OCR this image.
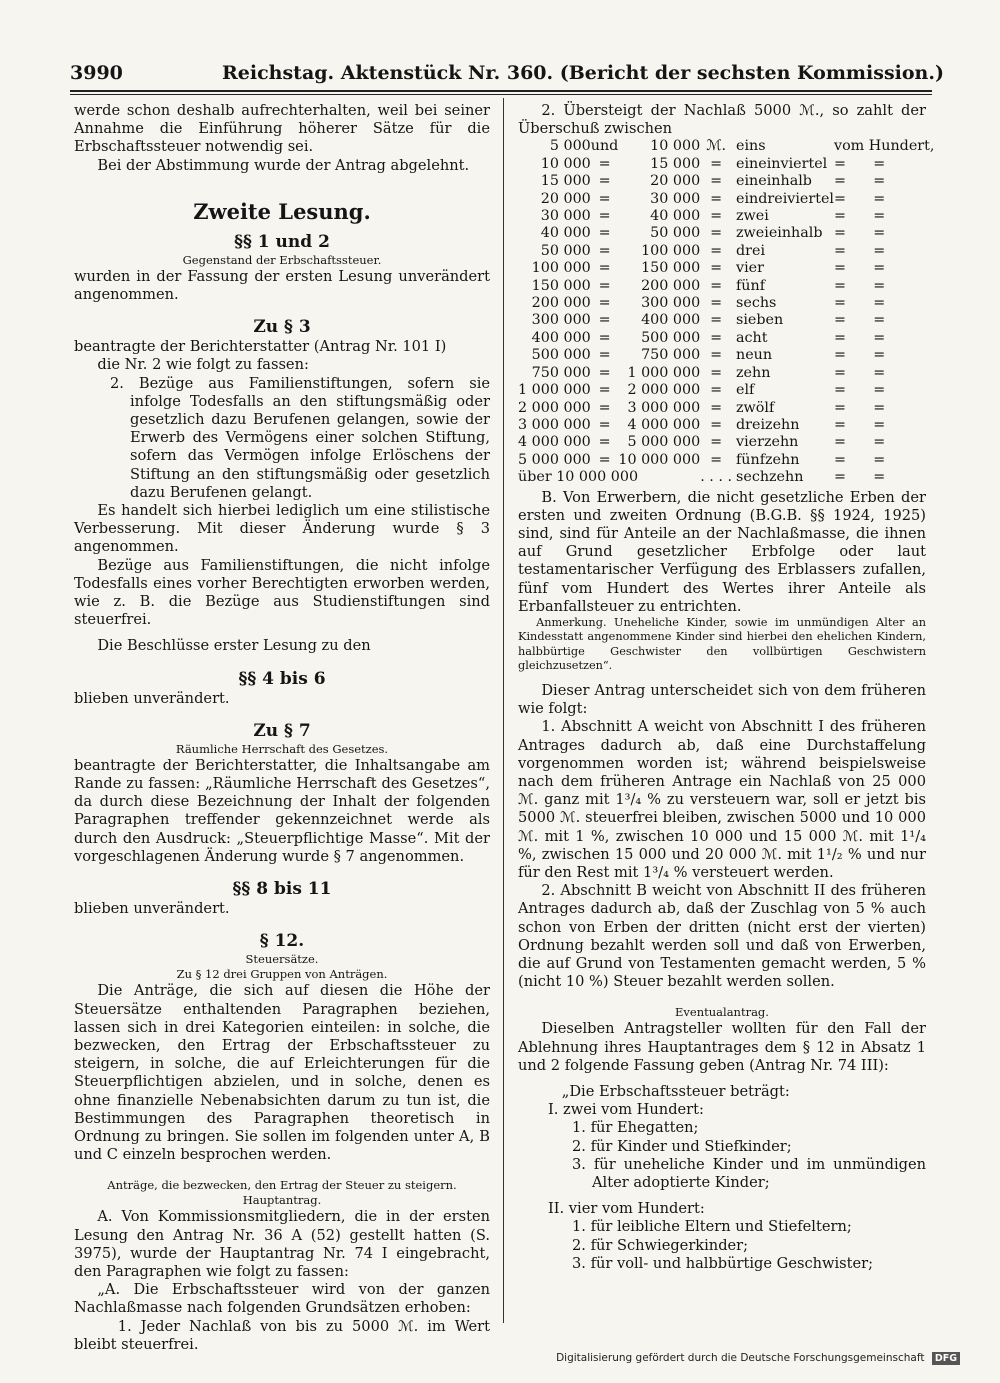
3990	Reichstag. Aktenstück Nr. 360. (Bericht der sechsten Kommission.)

werde schon deshalb aufrechterhalten, weil bei seiner Annahme die Einführung höherer Sätze für die Erbschaftssteuer notwendig sei.

Bei der Abstimmung wurde der Antrag abgelehnt.

Zweite Lesung.

§§ 1 und 2

Gegenstand der Erbschaftssteuer.

wurden in der Fassung der ersten Lesung unverändert angenommen.

Zu § 3

beantragte der Berichterstatter (Antrag Nr. 101 I)

die Nr. 2 wie folgt zu fassen:

2. Bezüge aus Familienstiftungen, sofern sie infolge Todesfalls an den stiftungsmäßig oder gesetzlich dazu Berufenen gelangen, sowie der Erwerb des Vermögens einer solchen Stiftung, sofern das Vermögen infolge Erlöschens der Stiftung an den stiftungsmäßig oder gesetzlich dazu Berufenen gelangt.

Es handelt sich hierbei lediglich um eine stilistische Verbesserung. Mit dieser Änderung wurde § 3 angenommen.

Bezüge aus Familienstiftungen, die nicht infolge Todesfalls eines vorher Berechtigten erworben werden, wie z. B. die Bezüge aus Studienstiftungen sind steuerfrei.

Die Beschlüsse erster Lesung zu den

§§ 4 bis 6

blieben unverändert.

Zu § 7

Räumliche Herrschaft des Gesetzes.

beantragte der Berichterstatter, die Inhaltsangabe am Rande zu fassen: „Räumliche Herrschaft des Gesetzes“, da durch diese Bezeichnung der Inhalt der folgenden Paragraphen treffender gekennzeichnet werde als durch den Ausdruck: „Steuerpflichtige Masse“. Mit der vorgeschlagenen Änderung wurde § 7 angenommen.

§§ 8 bis 11

blieben unverändert.

§ 12.

Steuersätze.

Zu § 12 drei Gruppen von Anträgen.

Die Anträge, die sich auf diesen die Höhe der Steuersätze enthaltenden Paragraphen beziehen, lassen sich in drei Kategorien einteilen: in solche, die bezwecken, den Ertrag der Erbschaftssteuer zu steigern, in solche, die auf Erleichterungen für die Steuerpflichtigen abzielen, und in solche, denen es ohne finanzielle Nebenabsichten darum zu tun ist, die Bestimmungen des Paragraphen theoretisch in Ordnung zu bringen. Sie sollen im folgenden unter A, B und C einzeln besprochen werden.

Anträge, die bezwecken, den Ertrag der Steuer zu steigern.

Hauptantrag.

A. Von Kommissionsmitgliedern, die in der ersten Lesung den Antrag Nr. 36 A (52) gestellt hatten (S. 3975), wurde der Hauptantrag Nr. 74 I eingebracht, den Paragraphen wie folgt zu fassen:

„A. Die Erbschaftssteuer wird von der ganzen Nachlaßmasse nach folgenden Grundsätzen erhoben:

1. Jeder Nachlaß von bis zu 5000 ℳ. im Wert bleibt steuerfrei.

2. Übersteigt der Nachlaß 5000 ℳ., so zahlt der Überschuß zwischen

5 000	und	10 000	ℳ.	eins	vom Hundert,
10 000	=	15 000	=	eineinviertel	=      =
15 000	=	20 000	=	eineinhalb	=      =
20 000	=	30 000	=	eindreiviertel	=      =
30 000	=	40 000	=	zwei	=      =
40 000	=	50 000	=	zweieinhalb	=      =
50 000	=	100 000	=	drei	=      =
100 000	=	150 000	=	vier	=      =
150 000	=	200 000	=	fünf	=      =
200 000	=	300 000	=	sechs	=      =
300 000	=	400 000	=	sieben	=      =
400 000	=	500 000	=	acht	=      =
500 000	=	750 000	=	neun	=      =
750 000	=	1 000 000	=	zehn	=      =
1 000 000	=	2 000 000	=	elf	=      =
2 000 000	=	3 000 000	=	zwölf	=      =
3 000 000	=	4 000 000	=	dreizehn	=      =
4 000 000	=	5 000 000	=	vierzehn	=      =
5 000 000	=	10 000 000	=	fünfzehn	=      =
über 10 000 000			. . . .	sechzehn	=      =

B. Von Erwerbern, die nicht gesetzliche Erben der ersten und zweiten Ordnung (B.G.B. §§ 1924, 1925) sind, sind für Anteile an der Nachlaßmasse, die ihnen auf Grund gesetzlicher Erbfolge oder laut testamentarischer Verfügung des Erblassers zufallen, fünf vom Hundert des Wertes ihrer Anteile als Erbanfallsteuer zu entrichten.

Anmerkung. Uneheliche Kinder, sowie im unmündigen Alter an Kindesstatt angenommene Kinder sind hierbei den ehelichen Kindern, halbbürtige Geschwister den vollbürtigen Geschwistern gleichzusetzen“.

Dieser Antrag unterscheidet sich von dem früheren wie folgt:

1. Abschnitt A weicht von Abschnitt I des früheren Antrages dadurch ab, daß eine Durchstaffelung vorgenommen worden ist; während beispielsweise nach dem früheren Antrage ein Nachlaß von 25 000 ℳ. ganz mit 1³/₄ % zu versteuern war, soll er jetzt bis 5000 ℳ. steuerfrei bleiben, zwischen 5000 und 10 000 ℳ. mit 1 %, zwischen 10 000 und 15 000 ℳ. mit 1¹/₄ %, zwischen 15 000 und 20 000 ℳ. mit 1¹/₂ % und nur für den Rest mit 1³/₄ % versteuert werden.

2. Abschnitt B weicht von Abschnitt II des früheren Antrages dadurch ab, daß der Zuschlag von 5 % auch schon von Erben der dritten (nicht erst der vierten) Ordnung bezahlt werden soll und daß von Erwerben, die auf Grund von Testamenten gemacht werden, 5 % (nicht 10 %) Steuer bezahlt werden sollen.

Eventualantrag.

Dieselben Antragsteller wollten für den Fall der Ablehnung ihres Hauptantrages dem § 12 in Absatz 1 und 2 folgende Fassung geben (Antrag Nr. 74 III):

„Die Erbschaftssteuer beträgt:

I. zwei vom Hundert:

1. für Ehegatten;

2. für Kinder und Stiefkinder;

3. für uneheliche Kinder und im unmündigen Alter adoptierte Kinder;

II. vier vom Hundert:

1. für leibliche Eltern und Stiefeltern;

2. für Schwiegerkinder;

3. für voll- und halbbürtige Geschwister;

Digitalisierung gefördert durch die Deutsche Forschungsgemeinschaft DFG
